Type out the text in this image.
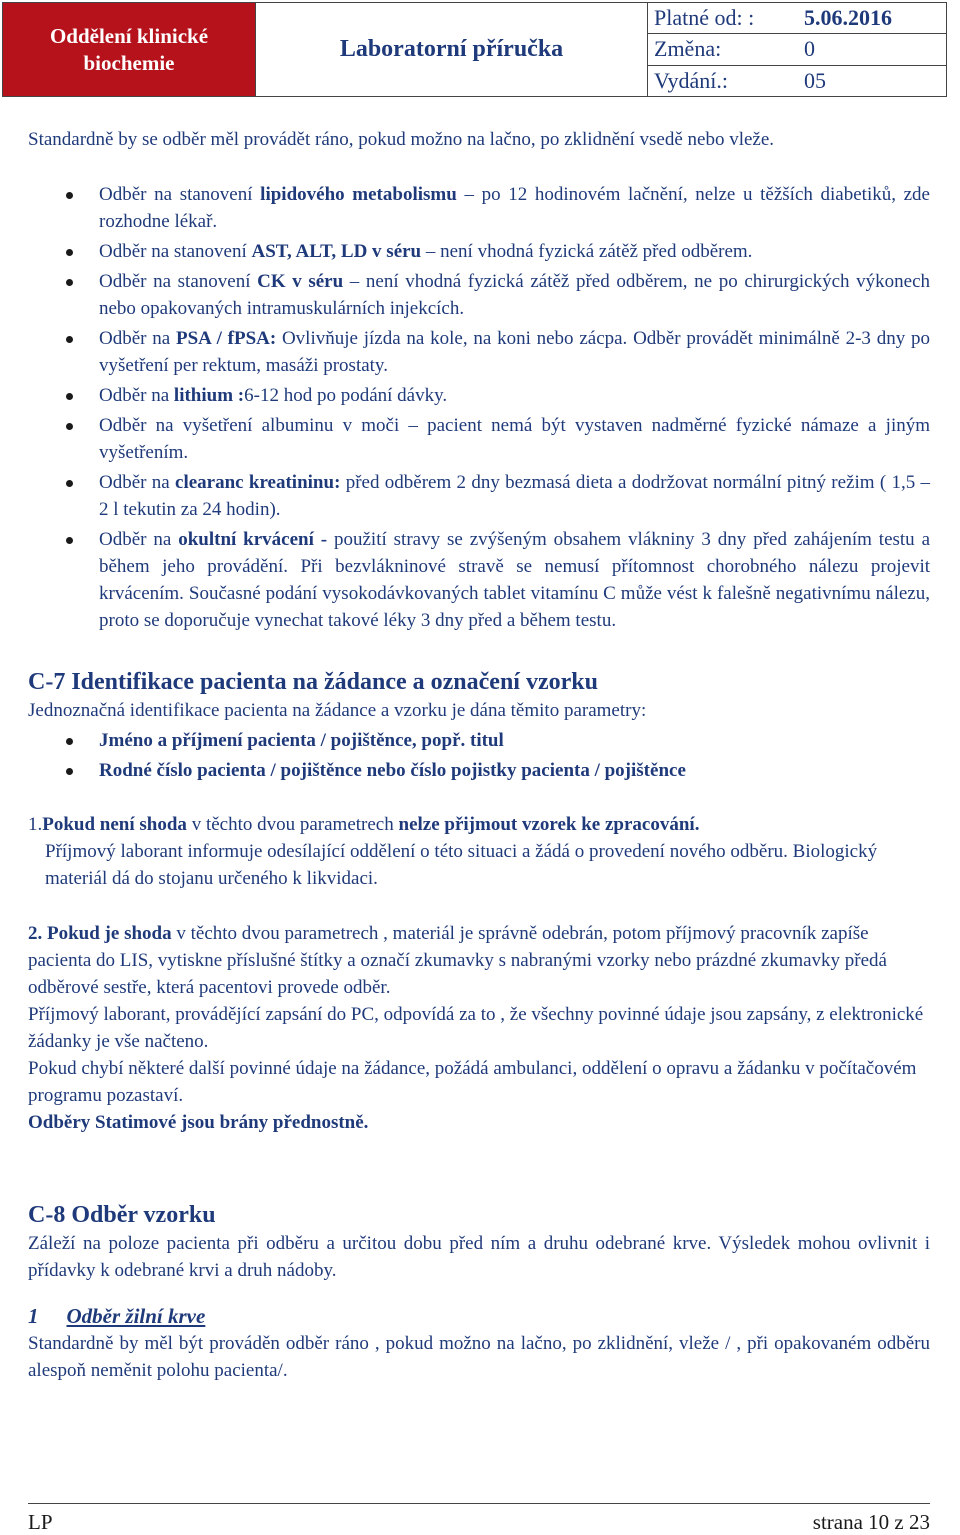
Oddělení klinické biochemie
Laboratorní příručka
Platné od: :	5.06.2016
Změna:	0
Vydání.:	05

Standardně by se odběr měl provádět ráno, pokud možno na lačno, po zklidnění vsedě nebo vleže.

Odběr na stanovení lipidového metabolismu – po 12 hodinovém lačnění, nelze u těžších diabetiků, zde rozhodne lékař.
Odběr na stanovení AST, ALT, LD v séru – není vhodná fyzická zátěž před odběrem.
Odběr na stanovení CK v séru – není vhodná fyzická zátěž před odběrem, ne po chirurgických výkonech nebo opakovaných intramuskulárních injekcích.
Odběr na PSA / fPSA: Ovlivňuje jízda na kole, na koni nebo zácpa. Odběr provádět minimálně 2-3 dny po vyšetření per rektum, masáži prostaty.
Odběr na lithium :6-12 hod po podání dávky.
Odběr na vyšetření albuminu v moči – pacient nemá být vystaven nadměrné fyzické námaze a jiným vyšetřením.
Odběr na clearanc kreatininu: před odběrem 2 dny bezmasá dieta a dodržovat normální pitný režim ( 1,5 – 2 l tekutin za 24 hodin).
Odběr na okultní krvácení - použití stravy se zvýšeným obsahem vlákniny 3 dny před zahájením testu a během jeho provádění. Při bezvlákninové stravě se nemusí přítomnost chorobného nálezu projevit krvácením. Současné podání vysokodávkovaných tablet vitamínu C může vést k falešně negativnímu nálezu, proto se doporučuje vynechat takové léky 3 dny před a během testu.
C-7 Identifikace pacienta na žádance a označení vzorku

Jednoznačná identifikace pacienta na žádance a vzorku je dána těmito parametry:

Jméno a příjmení pacienta / pojištěnce, popř. titul
Rodné číslo pacienta / pojištěnce nebo číslo pojistky pacienta / pojištěnce

1.Pokud není shoda v těchto dvou parametrech nelze přijmout vzorek ke zpracování.

Příjmový laborant informuje odesílající oddělení o této situaci a žádá o provedení nového odběru. Biologický materiál dá do stojanu určeného k likvidaci.

2. Pokud je shoda v těchto dvou parametrech , materiál je správně odebrán, potom příjmový pracovník zapíše pacienta do LIS, vytiskne příslušné štítky a označí zkumavky s nabranými vzorky nebo prázdné zkumavky předá odběrové sestře, která pacentovi provede odběr.

Příjmový laborant, provádějící zapsání do PC, odpovídá za to , že všechny povinné údaje jsou zapsány, z elektronické žádanky je vše načteno.

Pokud chybí některé další povinné údaje na žádance, požádá ambulanci, oddělení o opravu a žádanku v počítačovém programu pozastaví.

Odběry Statimové jsou brány přednostně.

C-8 Odběr vzorku

Záleží na poloze pacienta při odběru a určitou dobu před ním a druhu odebrané krve. Výsledek mohou ovlivnit i přídavky k odebrané krvi a druh nádoby.

1 Odběr žilní krve

Standardně by měl být prováděn odběr ráno , pokud možno na lačno, po zklidnění, vleže / , při opakovaném odběru alespoň neměnit polohu pacienta/.

LP	strana 10 z 23
